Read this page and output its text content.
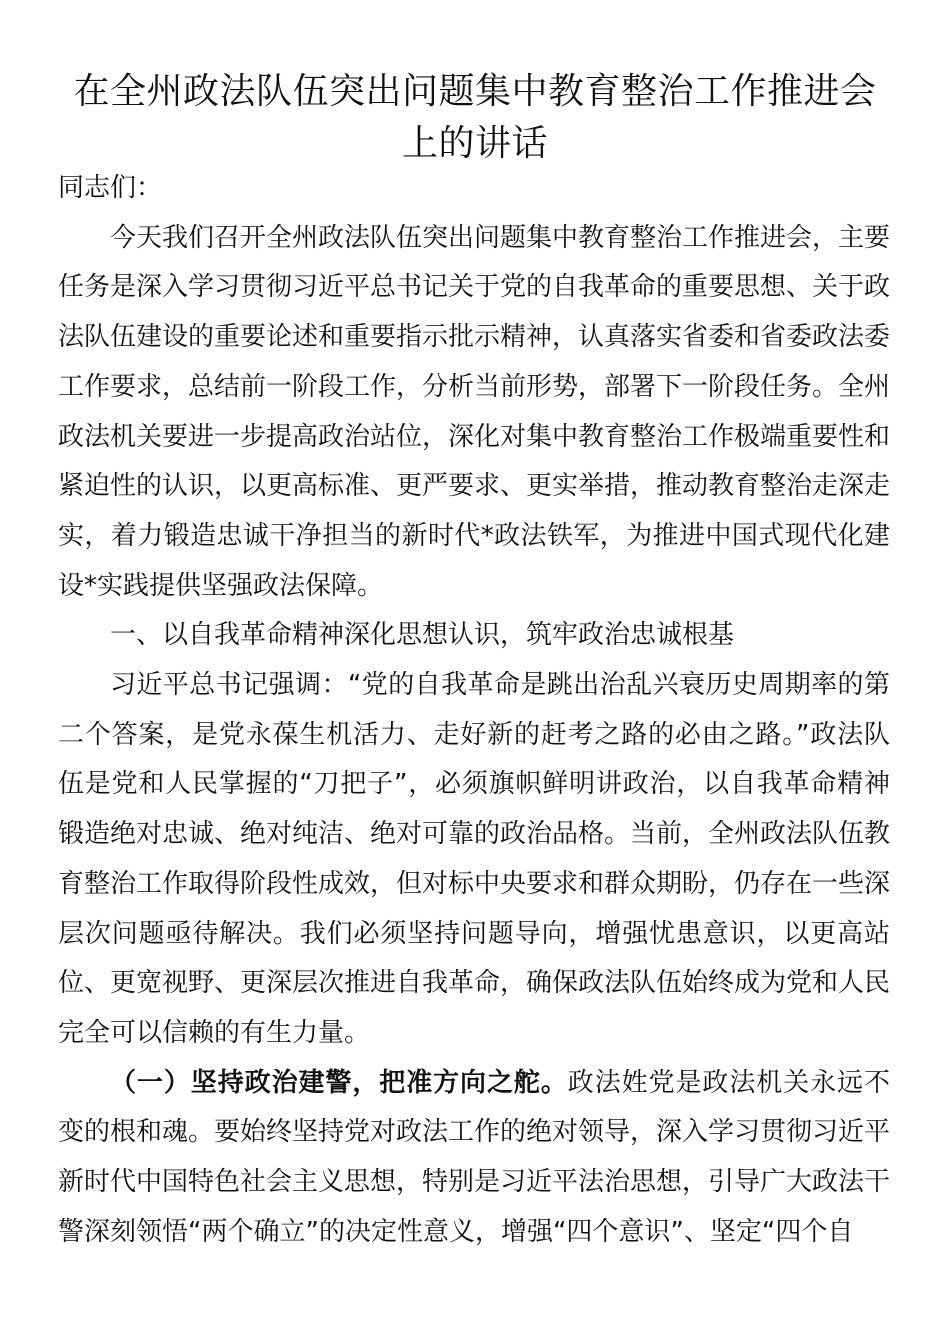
在全州政法队伍突出问题集中教育整治工作推进会上的讲话

同志们：

今天我们召开全州政法队伍突出问题集中教育整治工作推进会，主要任务是深入学习贯彻习近平总书记关于党的自我革命的重要思想、关于政法队伍建设的重要论述和重要指示批示精神，认真落实省委和省委政法委工作要求，总结前一阶段工作，分析当前形势，部署下一阶段任务。全州政法机关要进一步提高政治站位，深化对集中教育整治工作极端重要性和紧迫性的认识，以更高标准、更严要求、更实举措，推动教育整治走深走实，着力锻造忠诚干净担当的新时代*政法铁军，为推进中国式现代化建设*实践提供坚强政法保障。

一、以自我革命精神深化思想认识，筑牢政治忠诚根基

习近平总书记强调：“党的自我革命是跳出治乱兴衰历史周期率的第二个答案，是党永葆生机活力、走好新的赶考之路的必由之路。”政法队伍是党和人民掌握的“刀把子”，必须旗帜鲜明讲政治，以自我革命精神锻造绝对忠诚、绝对纯洁、绝对可靠的政治品格。当前，全州政法队伍教育整治工作取得阶段性成效，但对标中央要求和群众期盼，仍存在一些深层次问题亟待解决。我们必须坚持问题导向，增强忧患意识，以更高站位、更宽视野、更深层次推进自我革命，确保政法队伍始终成为党和人民完全可以信赖的有生力量。

（一）坚持政治建警，把准方向之舵。政法姓党是政法机关永远不变的根和魂。要始终坚持党对政法工作的绝对领导，深入学习贯彻习近平新时代中国特色社会主义思想，特别是习近平法治思想，引导广大政法干警深刻领悟“两个确立”的决定性意义，增强“四个意识”、坚定“四个自
